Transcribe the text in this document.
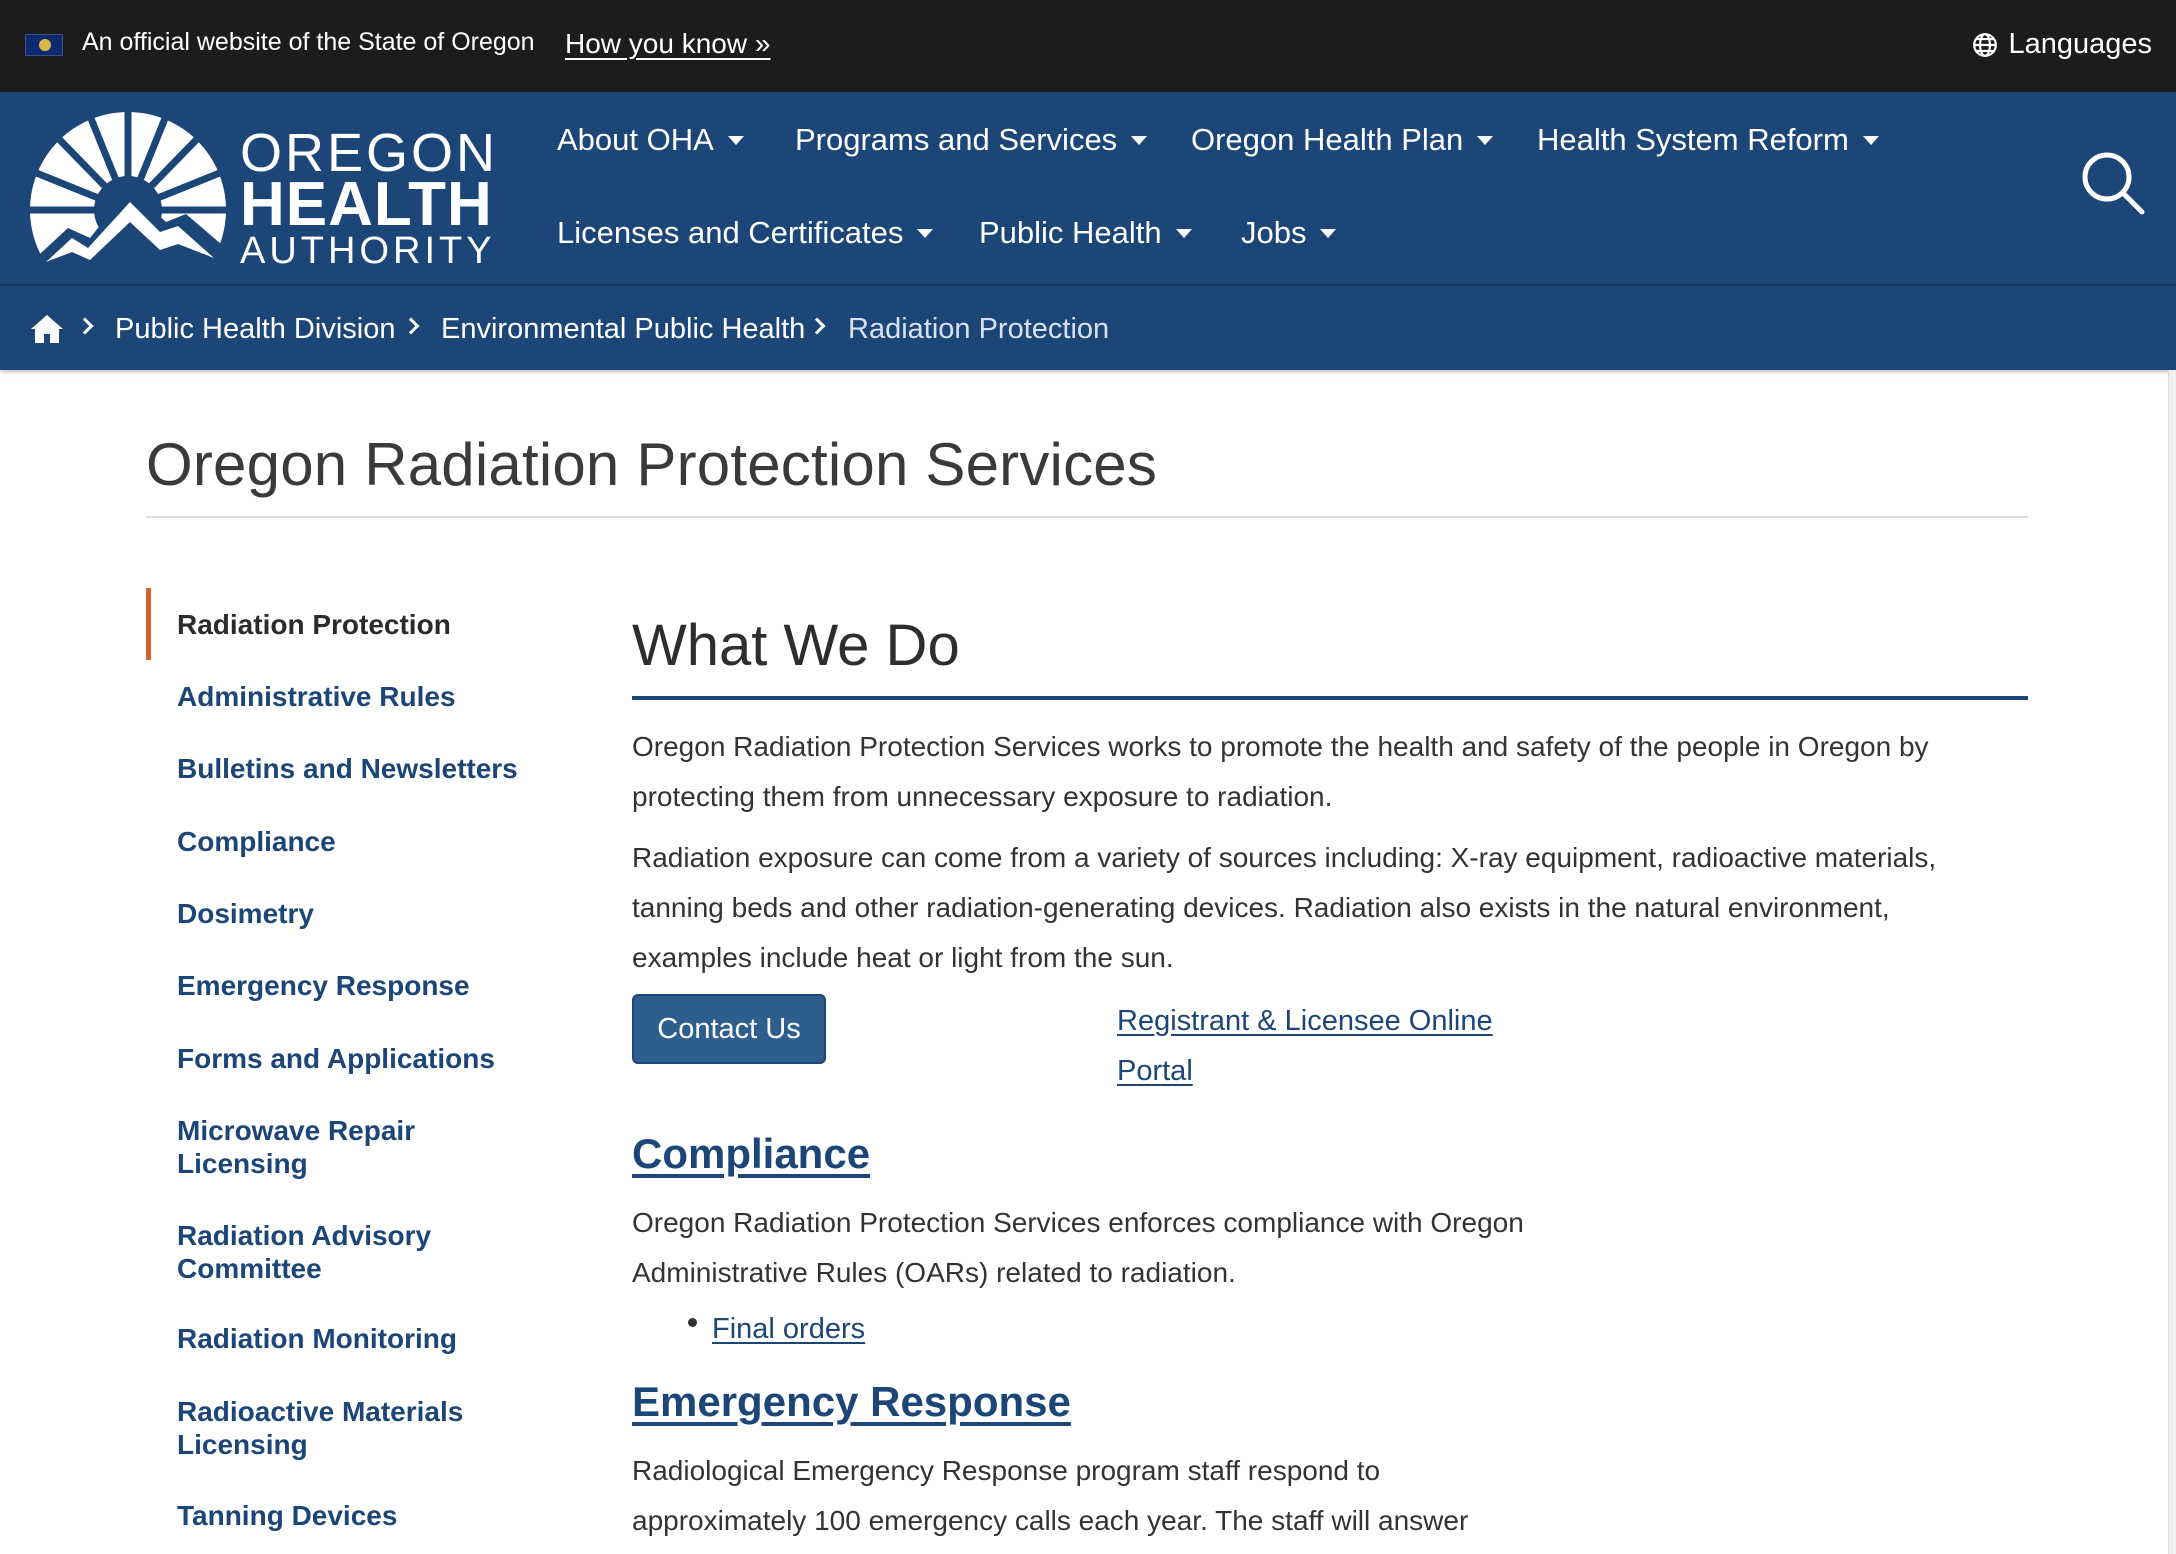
An official website of the State of Oregon How you know »	Languages
OREGON
HEALTH
AUTHORITY
About OHA	Programs and Services Oregon Health Plan Health System Reform
Licenses and Certificates Public Health	Jobs
Public Health Division Environmental Public Health Radiation Protection
Oregon Radiation Protection Services
Radiation Protection
Administrative Rules
Bulletins and Newsletters
Compliance
Dosimetry
Emergency Response
Forms and Applications
Microwave Repair Licensing
Radiation Advisory Committee
Radiation Monitoring
Radioactive Materials Licensing
Tanning Devices
What We Do

Oregon Radiation Protection Services works to promote the health and safety of the people in Oregon by protecting them from unnecessary exposure to radiation.

Radiation exposure can come from a variety of sources including: X-ray equipment, radioactive materials, tanning beds and other radiation-generating devices. Radiation also exists in the natural environment, examples include heat or light from the sun.

Contact Us	Registrant & Licensee Online Portal
Compliance

Oregon Radiation Protection Services enforces compliance with Oregon Administrative Rules (OARs) related to radiation.

Final orders
Emergency Response

Radiological Emergency Response program staff respond to approximately 100 emergency calls each year. The staff will answer
